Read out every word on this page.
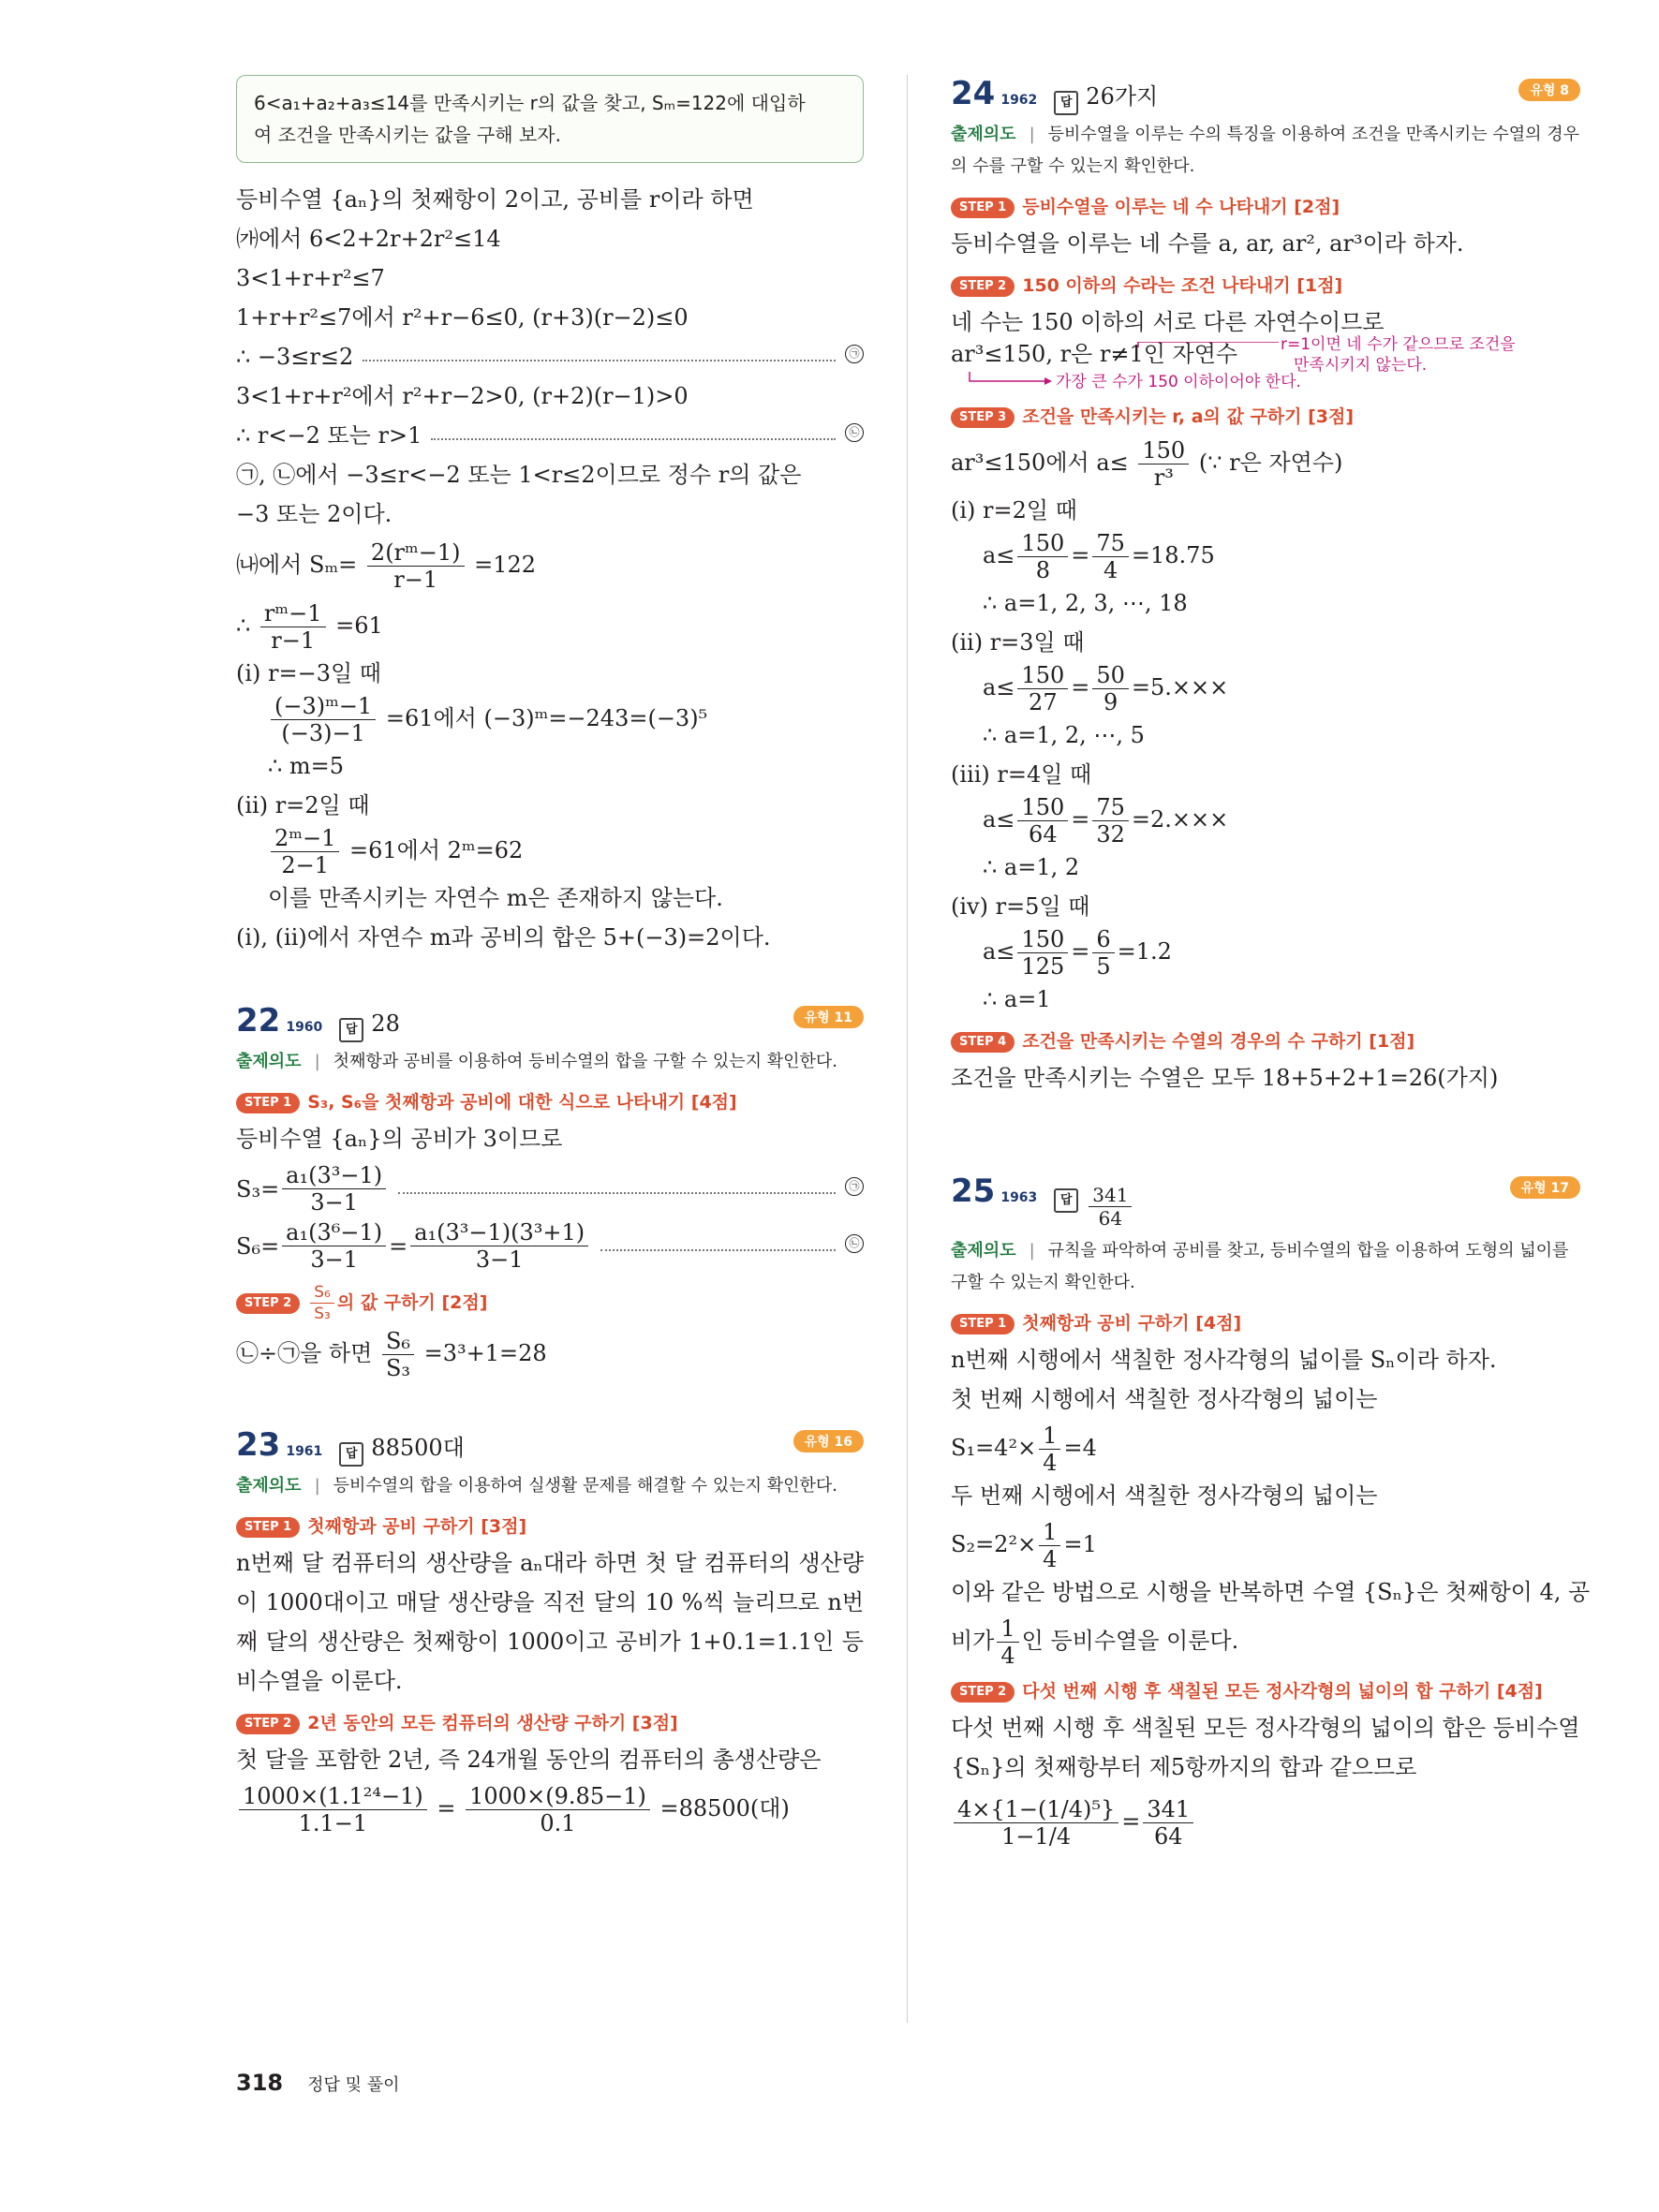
6<a₁+a₂+a₃≤14를 만족시키는 r의 값을 찾고, Sₘ=122에 대입하
여 조건을 만족시키는 값을 구해 보자.
등비수열 {aₙ}의 첫째항이 2이고, 공비를 r이라 하면
㈎에서 6<2+2r+2r²≤14
3<1+r+r²≤7
1+r+r²≤7에서 r²+r−6≤0, (r+3)(r−2)≤0
∴ −3≤r≤2	㉠
3<1+r+r²에서 r²+r−2>0, (r+2)(r−1)>0
∴ r<−2 또는 r>1	㉡
㉠, ㉡에서 −3≤r<−2 또는 1<r≤2이므로 정수 r의 값은
−3 또는 2이다.
㈏에서 $S_m= \frac{\text{2(rᵐ−1)}}{r-1} =122$
∴ $\frac{\text{rᵐ−1}}{r-1} =61$
(ⅰ) r=−3일 때
$\frac{\text{(−3)ᵐ−1}}{(-3)-1} =61$에서 (−3)ᵐ=−243=(−3)⁵
∴ m=5
(ⅱ) r=2일 때
$\frac{\text{2ᵐ−1}}{2-1} =61$에서 2ᵐ=62
이를 만족시키는 자연수 m은 존재하지 않는다.
(ⅰ), (ⅱ)에서 자연수 m과 공비의 합은 5+(−3)=2이다.
22 1960	답 28	유형 11
출제의도 | 첫째항과 공비를 이용하여 등비수열의 합을 구할 수 있는지 확인한다.
STEP 1 S₃, S₆을 첫째항과 공비에 대한 식으로 나타내기 [4점]
등비수열 {aₙ}의 공비가 3이므로
$S_3= \frac{\text{a₁(3³−1)}}{3-1}$	㉠
$S_6= \frac{\text{a₁(3⁶−1)}}{3-1} = \frac{\text{a₁(3³−1)(3³+1)}}{3-1}$	㉡
STEP $2 \frac{\text{S₆}}{\text{S₃}}$ 의 값 구하기 [2점]
㉡÷㉠을 하면 $\frac{\text{S₆}}{\text{S₃}} =3^3+1=28$
23 1961	답 88500대	유형 16
출제의도 | 등비수열의 합을 이용하여 실생활 문제를 해결할 수 있는지 확인한다.
STEP 1 첫째항과 공비 구하기 [3점]
n번째 달 컴퓨터의 생산량을 aₙ대라 하면 첫 달 컴퓨터의 생산량이 1000대이고 매달 생산량을 직전 달의 10 %씩 늘리므로 n번째 달의 생산량은 첫째항이 1000이고 공비가 1+0.1=1.1인 등비수열을 이룬다.
STEP 2 2년 동안의 모든 컴퓨터의 생산량 구하기 [3점]
첫 달을 포함한 2년, 즉 24개월 동안의 컴퓨터의 총생산량은
$\frac{\text{1000×(1.1²⁴−1)}}{1.1-1} = \frac{1000\times(9.85-1)}{0.1} =88500$(대)
24 1962	답 26가지	유형 8
출제의도 | 등비수열을 이루는 수의 특징을 이용하여 조건을 만족시키는 수열의 경우의 수를 구할 수 있는지 확인한다.
STEP 1 등비수열을 이루는 네 수 나타내기 [2점]
등비수열을 이루는 네 수를 a, ar, ar², ar³이라 하자.
STEP 2 150 이하의 수라는 조건 나타내기 [1점]
네 수는 150 이하의 서로 다른 자연수이므로
ar³≤150, r은 r≠1인 자연수	r=1이면 네 수가 같으므로 조건을
만족시키지 않는다.
가장 큰 수가 150 이하이어야 한다.
STEP 3 조건을 만족시키는 r, a의 값 구하기 [3점]
ar³≤150에서 $a\le \frac{150}{\text{r³}}$ (∵ r은 자연수)
(ⅰ) r=2일 때
$a\le \frac{150}{8} = \frac{75}{4} =18.75$
∴ a=1, 2, 3, ⋯, 18
(ⅱ) r=3일 때
$a\le \frac{150}{27} = \frac{50}{9} =5.\times\times\times$
∴ a=1, 2, ⋯, 5
(ⅲ) r=4일 때
$a\le \frac{150}{64} = \frac{75}{32} =2.\times\times\times$
∴ a=1, 2
(ⅳ) r=5일 때
$a\le \frac{150}{125} = \frac{6}{5} =1.2$
∴ a=1
STEP 4 조건을 만족시키는 수열의 경우의 수 구하기 [1점]
조건을 만족시키는 수열은 모두 18+5+2+1=26(가지)
25 1963	답 $\frac{341}{64}$	유형 17
출제의도 | 규칙을 파악하여 공비를 찾고, 등비수열의 합을 이용하여 도형의 넓이를 구할 수 있는지 확인한다.
STEP 1 첫째항과 공비 구하기 [4점]
n번째 시행에서 색칠한 정사각형의 넓이를 Sₙ이라 하자.
첫 번째 시행에서 색칠한 정사각형의 넓이는
$S_1=4^2\times \frac{1}{4} =4$
두 번째 시행에서 색칠한 정사각형의 넓이는
$S_2=2^2\times \frac{1}{4} =1$
이와 같은 방법으로 시행을 반복하면 수열 {Sₙ}은 첫째항이 4, 공
비가 $\frac{1}{4}$ 인 등비수열을 이룬다.
STEP 2 다섯 번째 시행 후 색칠된 모든 정사각형의 넓이의 합 구하기 [4점]
다섯 번째 시행 후 색칠된 모든 정사각형의 넓이의 합은 등비수열
{Sₙ}의 첫째항부터 제5항까지의 합과 같으므로
$\frac{\text{4×\{1−(1/4)⁵\}}}{1-1/4} = \frac{341}{64}$
318 정답 및 풀이
